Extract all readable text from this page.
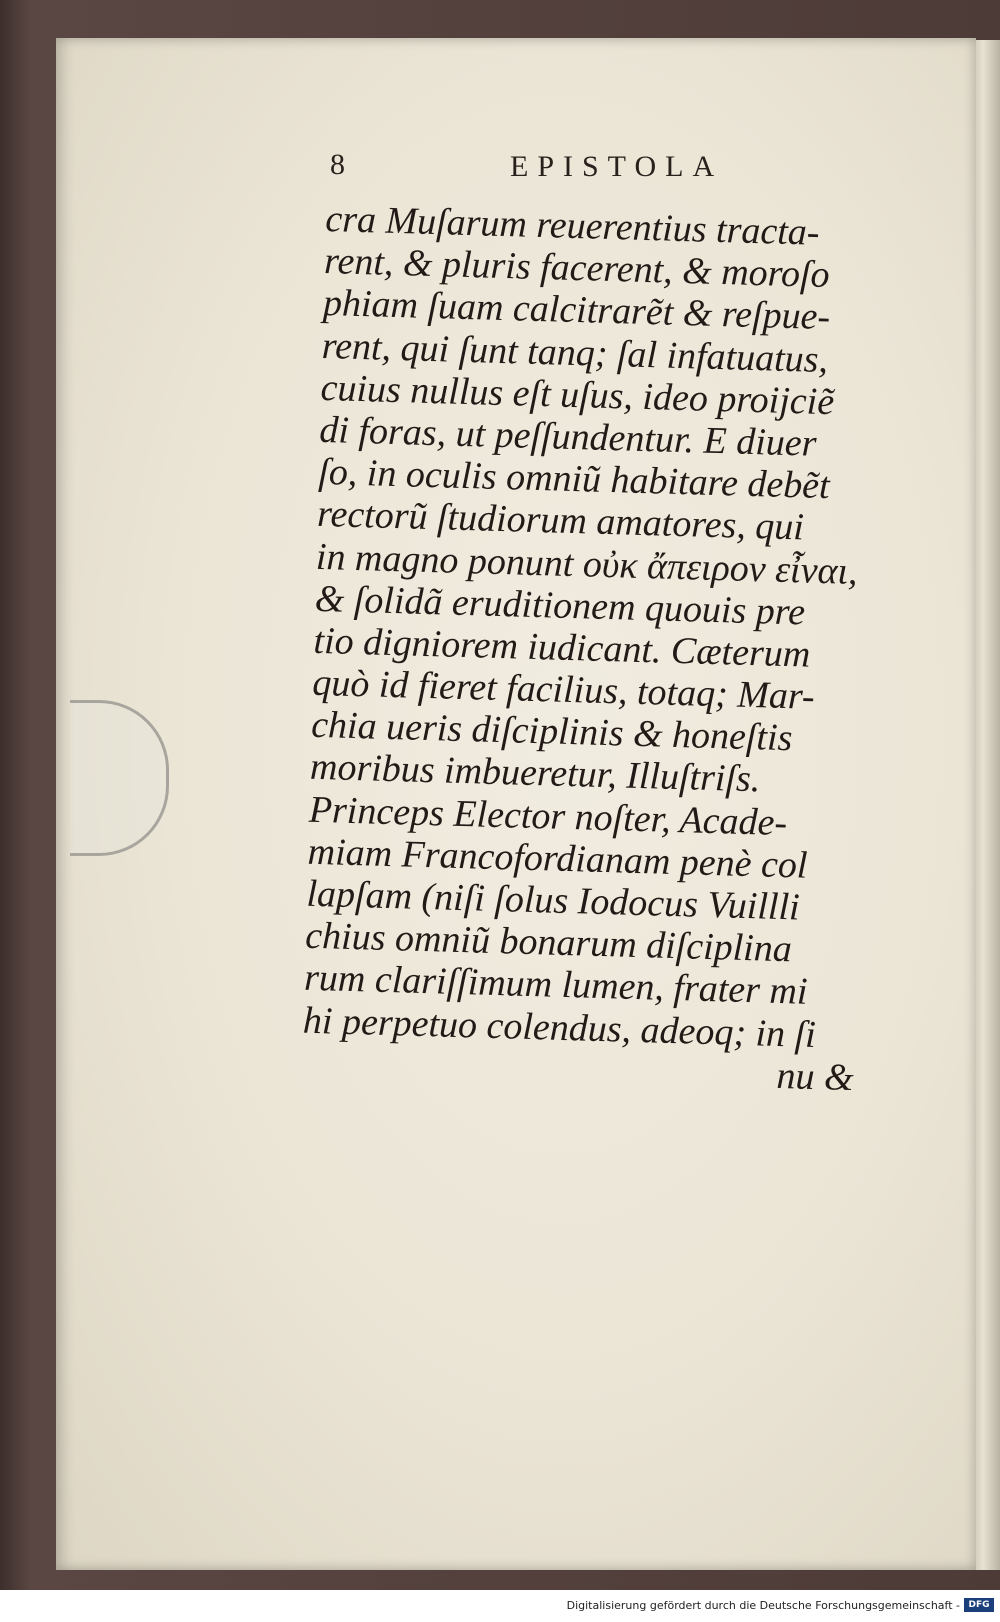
8	EPISTOLA
cra Muſarum reuerentius tracta-
rent, & pluris facerent, & moroſo
phiam ſuam calcitrarẽt & reſpue-
rent, qui ſunt tanq; ſal infatuatus,
cuius nullus eſt uſus, ideo proijciẽ
di foras, ut peſſundentur. E diuer
ſo, in oculis omniũ habitare debẽt
rectorũ ſtudiorum amatores, qui
in magno ponunt οὐκ ἄπειρον εἶναι,
& ſolidã eruditionem quouis pre
tio digniorem iudicant. Cæterum
quò id fieret facilius, totaq; Mar-
chia ueris diſciplinis & honeſtis
moribus imbueretur, Illuſtriſs.
Princeps Elector noſter, Acade-
miam Francofordianam penè col
lapſam (niſi ſolus Iodocus Vuillli
chius omniũ bonarum diſciplina
rum clariſſimum lumen, frater mi
hi perpetuo colendus, adeoq; in ſi
nu &
Digitalisierung gefördert durch die Deutsche Forschungsgemeinschaft - DFG
